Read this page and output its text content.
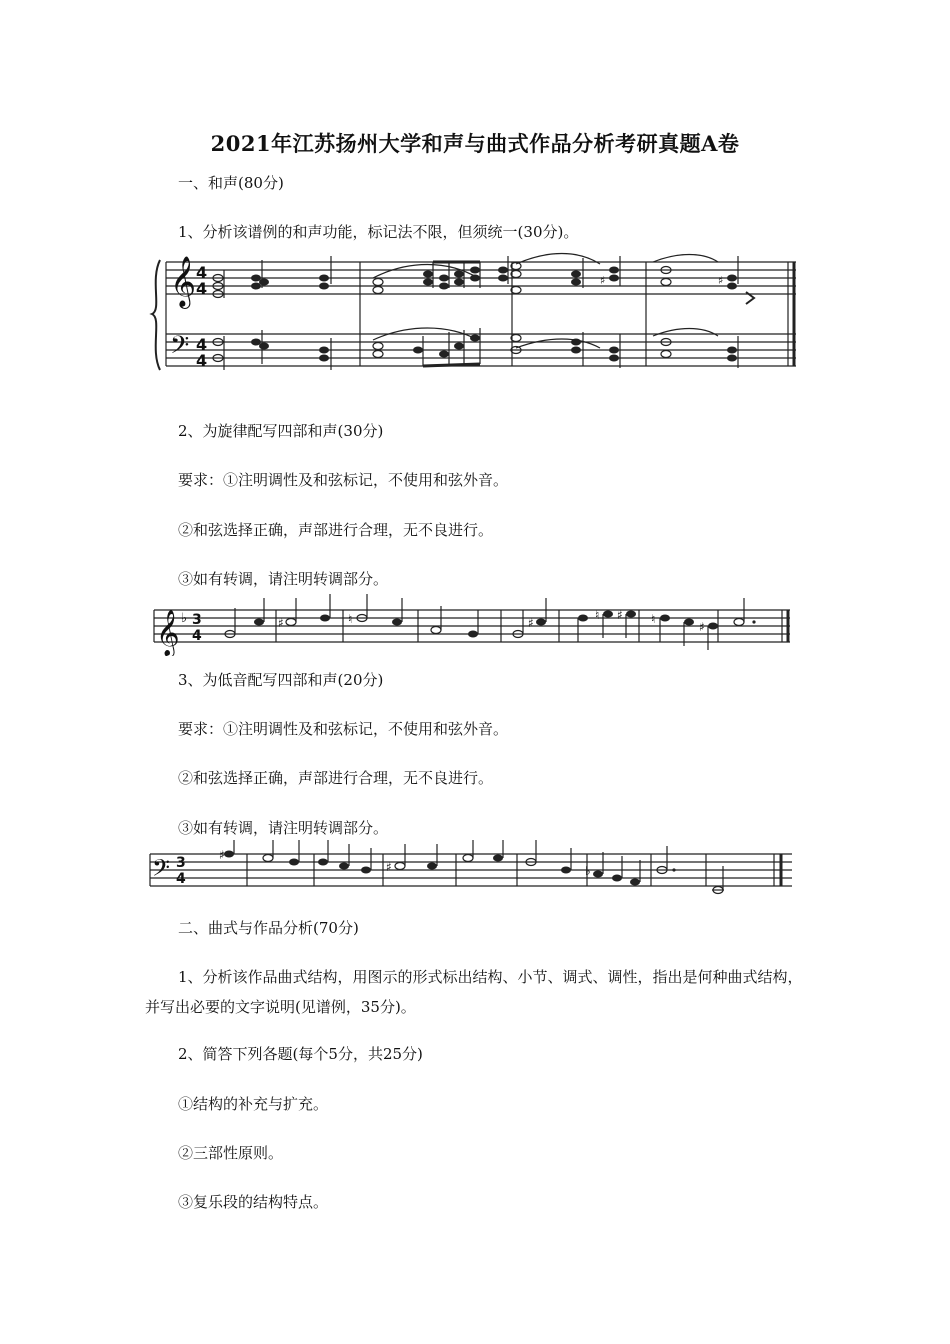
2021年江苏扬州大学和声与曲式作品分析考研真题A卷
一、和声(80分)
1、分析该谱例的和声功能，标记法不限，但须统一(30分)。
𝄞
𝄢
4
4
4
4
♯	♯
2、为旋律配写四部和声(30分)
要求：①注明调性及和弦标记，不使用和弦外音。
②和弦选择正确，声部进行合理，无不良进行。
③如有转调，请注明转调部分。
𝄞 ♭ 3
4
♯	♮	♯
♮ ♯ ♮
♯
3、为低音配写四部和声(20分)
要求：①注明调性及和弦标记，不使用和弦外音。
②和弦选择正确，声部进行合理，无不良进行。
③如有转调，请注明转调部分。
𝄢 3
4
♯
♯	♭
二、曲式与作品分析(70分)
1、分析该作品曲式结构，用图示的形式标出结构、小节、调式、调性，指出是何种曲式结构，并写出必要的文字说明(见谱例，35分)。
2、简答下列各题(每个5分，共25分)
①结构的补充与扩充。
②三部性原则。
③复乐段的结构特点。
